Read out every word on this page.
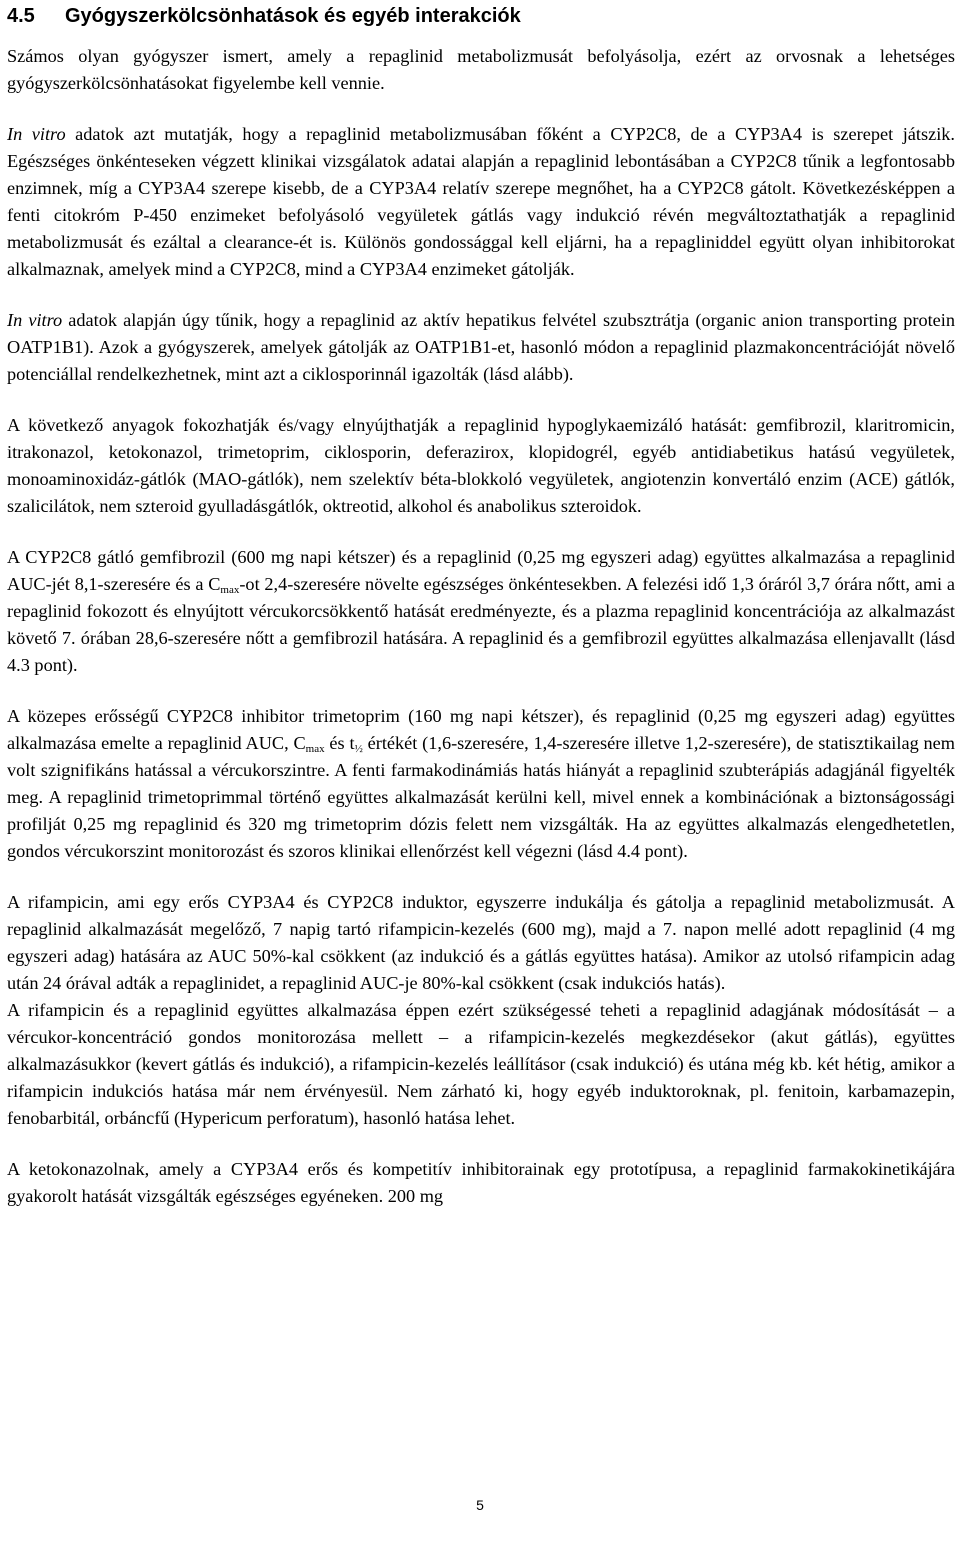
4.5 Gyógyszerkölcsönhatások és egyéb interakciók

Számos olyan gyógyszer ismert, amely a repaglinid metabolizmusát befolyásolja, ezért az orvosnak a lehetséges gyógyszerkölcsönhatásokat figyelembe kell vennie.

In vitro adatok azt mutatják, hogy a repaglinid metabolizmusában főként a CYP2C8, de a CYP3A4 is szerepet játszik. Egészséges önkénteseken végzett klinikai vizsgálatok adatai alapján a repaglinid lebontásában a CYP2C8 tűnik a legfontosabb enzimnek, míg a CYP3A4 szerepe kisebb, de a CYP3A4 relatív szerepe megnőhet, ha a CYP2C8 gátolt. Következésképpen a fenti citokróm P-450 enzimeket befolyásoló vegyületek gátlás vagy indukció révén megváltoztathatják a repaglinid metabolizmusát és ezáltal a clearance-ét is. Különös gondossággal kell eljárni, ha a repagliniddel együtt olyan inhibitorokat alkalmaznak, amelyek mind a CYP2C8, mind a CYP3A4 enzimeket gátolják.

In vitro adatok alapján úgy tűnik, hogy a repaglinid az aktív hepatikus felvétel szubsztrátja (organic anion transporting protein OATP1B1). Azok a gyógyszerek, amelyek gátolják az OATP1B1-et, hasonló módon a repaglinid plazmakoncentrációját növelő potenciállal rendelkezhetnek, mint azt a ciklosporinnál igazolták (lásd alább).

A következő anyagok fokozhatják és/vagy elnyújthatják a repaglinid hypoglykaemizáló hatását: gemfibrozil, klaritromicin, itrakonazol, ketokonazol, trimetoprim, ciklosporin, deferazirox, klopidogrél, egyéb antidiabetikus hatású vegyületek, monoaminoxidáz-gátlók (MAO-gátlók), nem szelektív béta-blokkoló vegyületek, angiotenzin konvertáló enzim (ACE) gátlók, szalicilátok, nem szteroid gyulladásgátlók, oktreotid, alkohol és anabolikus szteroidok.

A CYP2C8 gátló gemfibrozil (600 mg napi kétszer) és a repaglinid (0,25 mg egyszeri adag) együttes alkalmazása a repaglinid AUC-jét 8,1-szeresére és a $C_{max}-ot$ 2,4-szeresére növelte egészséges önkéntesekben. A felezési idő 1,3 óráról 3,7 órára nőtt, ami a repaglinid fokozott és elnyújtott vércukorcsökkentő hatását eredményezte, és a plazma repaglinid koncentrációja az alkalmazást követő 7. órában 28,6-szeresére nőtt a gemfibrozil hatására. A repaglinid és a gemfibrozil együttes alkalmazása ellenjavallt (lásd 4.3 pont).

A közepes erősségű CYP2C8 inhibitor trimetoprim (160 mg napi kétszer), és repaglinid (0,25 mg egyszeri adag) együttes alkalmazása emelte a repaglinid AUC, $C_{max}$ és $t_{\frac{1}{2}}$ értékét (1,6-szeresére, 1,4-szeresére illetve 1,2-szeresére), de statisztikailag nem volt szignifikáns hatással a vércukorszintre. A fenti farmakodinámiás hatás hiányát a repaglinid szubterápiás adagjánál figyelték meg. A repaglinid trimetoprimmal történő együttes alkalmazását kerülni kell, mivel ennek a kombinációnak a biztonságossági profilját 0,25 mg repaglinid és 320 mg trimetoprim dózis felett nem vizsgálták. Ha az együttes alkalmazás elengedhetetlen, gondos vércukorszint monitorozást és szoros klinikai ellenőrzést kell végezni (lásd 4.4 pont).

A rifampicin, ami egy erős CYP3A4 és CYP2C8 induktor, egyszerre indukálja és gátolja a repaglinid metabolizmusát. A repaglinid alkalmazását megelőző, 7 napig tartó rifampicin-kezelés (600 mg), majd a 7. napon mellé adott repaglinid (4 mg egyszeri adag) hatására az AUC 50%-kal csökkent (az indukció és a gátlás együttes hatása). Amikor az utolsó rifampicin adag után 24 órával adták a repaglinidet, a repaglinid AUC-je 80%-kal csökkent (csak indukciós hatás).

A rifampicin és a repaglinid együttes alkalmazása éppen ezért szükségessé teheti a repaglinid adagjának módosítását – a vércukor-koncentráció gondos monitorozása mellett – a rifampicin-kezelés megkezdésekor (akut gátlás), együttes alkalmazásukkor (kevert gátlás és indukció), a rifampicin-kezelés leállításor (csak indukció) és utána még kb. két hétig, amikor a rifampicin indukciós hatása már nem érvényesül. Nem zárható ki, hogy egyéb induktoroknak, pl. fenitoin, karbamazepin, fenobarbitál, orbáncfű (Hypericum perforatum), hasonló hatása lehet.

A ketokonazolnak, amely a CYP3A4 erős és kompetitív inhibitorainak egy prototípusa, a repaglinid farmakokinetikájára gyakorolt hatását vizsgálták egészséges egyéneken. 200 mg

5
